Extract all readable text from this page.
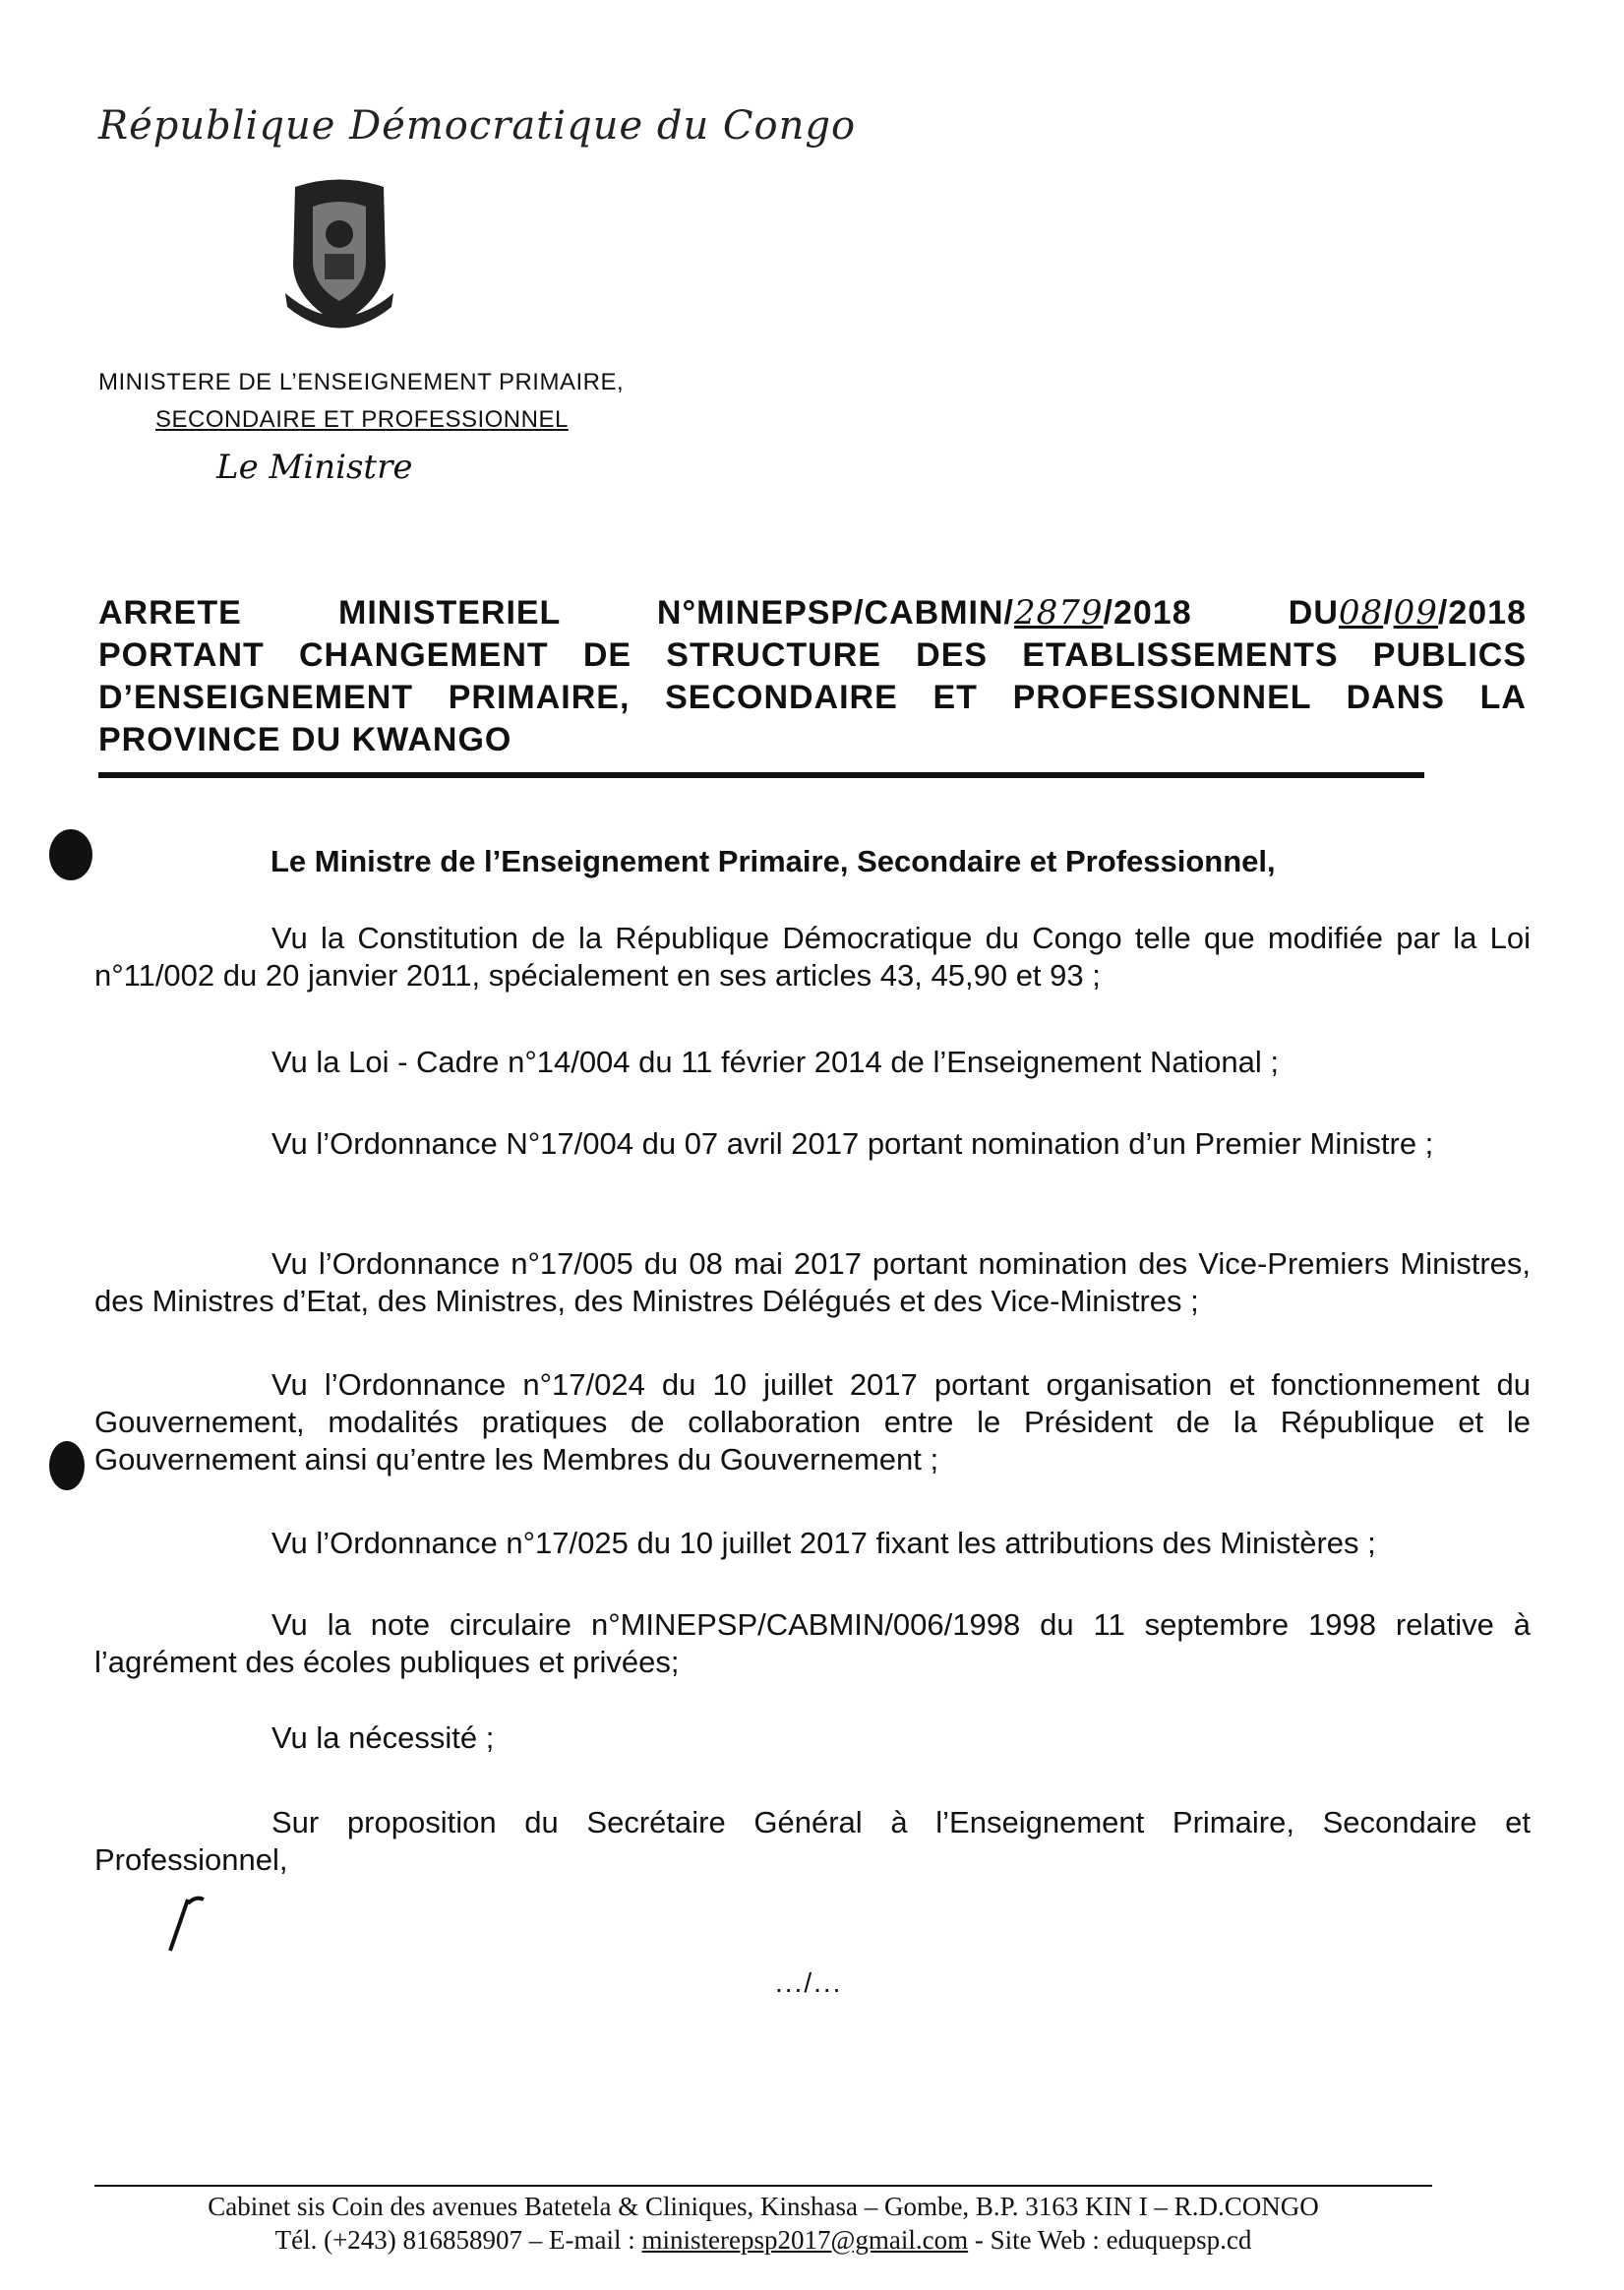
République Démocratique du Congo
MINISTERE DE L’ENSEIGNEMENT PRIMAIRE,
SECONDAIRE ET PROFESSIONNEL
Le Ministre
ARRETE MINISTERIEL N°MINEPSP/CABMIN/2879/2018 DU08/09/2018
PORTANT CHANGEMENT DE STRUCTURE DES ETABLISSEMENTS PUBLICS
D’ENSEIGNEMENT PRIMAIRE, SECONDAIRE ET PROFESSIONNEL DANS LA
PROVINCE DU KWANGO
Le Ministre de l’Enseignement Primaire, Secondaire et Professionnel,
Vu la Constitution de la République Démocratique du Congo telle que modifiée par la Loi n°11/002 du 20 janvier 2011, spécialement en ses articles 43, 45,90 et 93 ;
Vu la Loi - Cadre n°14/004 du 11 février 2014 de l’Enseignement National ;
Vu l’Ordonnance N°17/004 du 07 avril 2017 portant nomination d’un Premier Ministre ;
Vu l’Ordonnance n°17/005 du 08 mai 2017 portant nomination des Vice-Premiers Ministres, des Ministres d’Etat, des Ministres, des Ministres Délégués et des Vice-Ministres ;
Vu l’Ordonnance n°17/024 du 10 juillet 2017 portant organisation et fonctionnement du Gouvernement, modalités pratiques de collaboration entre le Président de la République et le Gouvernement ainsi qu’entre les Membres du Gouvernement ;
Vu l’Ordonnance n°17/025 du 10 juillet 2017 fixant les attributions des Ministères ;
Vu la note circulaire n°MINEPSP/CABMIN/006/1998 du 11 septembre 1998 relative à l’agrément des écoles publiques et privées;
Vu la nécessité ;
Sur proposition du Secrétaire Général à l’Enseignement Primaire, Secondaire et Professionnel,
.../...
Cabinet sis Coin des avenues Batetela & Cliniques, Kinshasa – Gombe, B.P. 3163 KIN I – R.D.CONGO
Tél. (+243) 816858907 – E-mail : ministerepsp2017@gmail.com - Site Web : eduquepsp.cd
